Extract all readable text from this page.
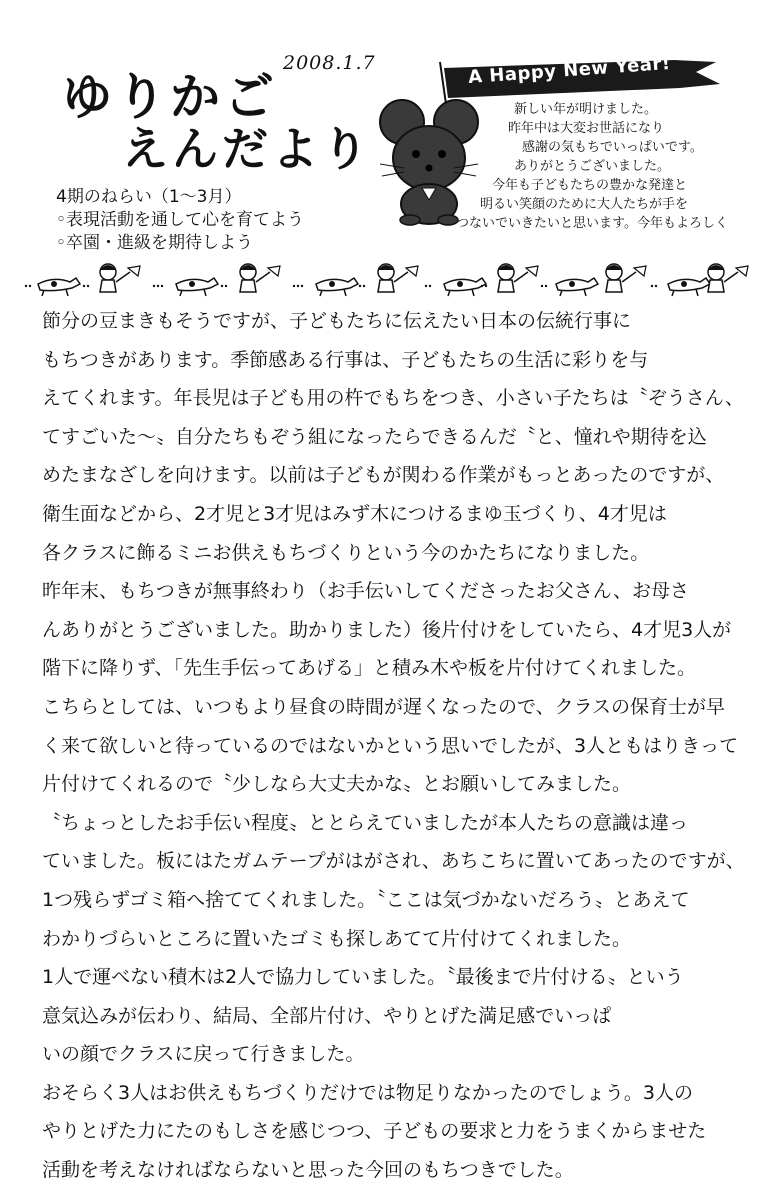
2008.1.7
ゆりかご
えんだより
4期のねらい（1～3月）
◦表現活動を通して心を育てよう
◦卒園・進級を期待しよう
A Happy New Year!
新しい年が明けました。
昨年中は大変お世話になり
感謝の気もちでいっぱいです。
ありがとうございました。
今年も子どもたちの豊かな発達と
明るい笑顔のために大人たちが手を
つないでいきたいと思います。今年もよろしく
節分の豆まきもそうですが、子どもたちに伝えたい日本の伝統行事に
もちつきがあります。季節感ある行事は、子どもたちの生活に彩りを与
えてくれます。年長児は子ども用の杵でもちをつき、小さい子たちは〝ぞうさん、
てすごいた～〟自分たちもぞう組になったらできるんだ〝と、憧れや期待を込
めたまなざしを向けます。以前は子どもが関わる作業がもっとあったのですが、
衛生面などから、2才児と3才児はみず木につけるまゆ玉づくり、4才児は
各クラスに飾るミニお供えもちづくりという今のかたちになりました。
昨年末、もちつきが無事終わり（お手伝いしてくださったお父さん、お母さ
んありがとうございました。助かりました）後片付けをしていたら、4才児3人が
階下に降りず、「先生手伝ってあげる」と積み木や板を片付けてくれました。
こちらとしては、いつもより昼食の時間が遅くなったので、クラスの保育士が早
く来て欲しいと待っているのではないかという思いでしたが、3人ともはりきって
片付けてくれるので〝少しなら大丈夫かな〟とお願いしてみました。
〝ちょっとしたお手伝い程度〟ととらえていましたが本人たちの意識は違っ
ていました。板にはたガムテープがはがされ、あちこちに置いてあったのですが、
1つ残らずゴミ箱へ捨ててくれました。〝ここは気づかないだろう〟とあえて
わかりづらいところに置いたゴミも探しあてて片付けてくれました。
1人で運べない積木は2人で協力していました。〝最後まで片付ける〟という
意気込みが伝わり、結局、全部片付け、やりとげた満足感でいっぱ
いの顔でクラスに戻って行きました。
おそらく3人はお供えもちづくりだけでは物足りなかったのでしょう。3人の
やりとげた力にたのもしさを感じつつ、子どもの要求と力をうまくからませた
活動を考えなければならないと思った今回のもちつきでした。
